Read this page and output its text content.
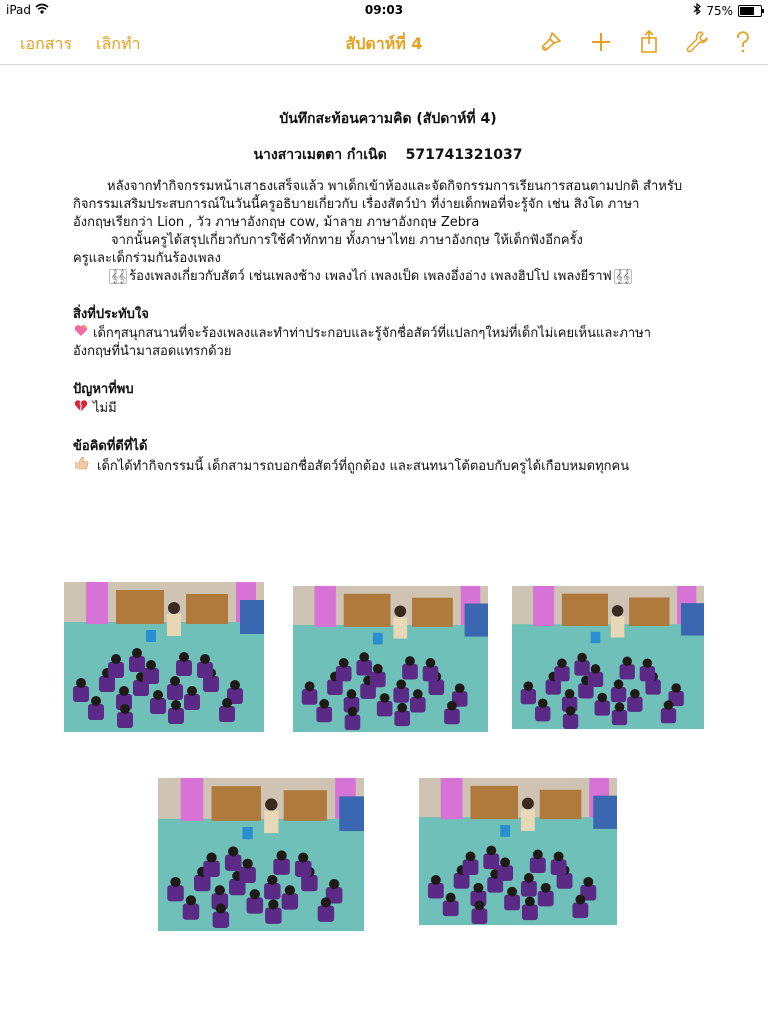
iPad	09:03	75%
เอกสาร เลิกทำ	สัปดาห์ที่ 4
บันทึกสะท้อนความคิด (สัปดาห์ที่ 4)
นางสาวเมตตา กำเนิด 571741321037

หลังจากทำกิจกรรมหน้าเสาธงเสร็จแล้ว พาเด็กเข้าห้องและจัดกิจกรรมการเรียนการสอนตามปกติ สำหรับ

กิจกรรมเสริมประสบการณ์ในวันนี้ครูอธิบายเกี่ยวกับ เรื่องสัตว์ป่า ที่ง่ายเด็กพอที่จะรู้จัก เช่น สิงโต ภาษา

อังกฤษเรียกว่า Lion , วัว ภาษาอังกฤษ cow, ม้าลาย ภาษาอังกฤษ Zebra

จากนั้นครูได้สรุปเกี่ยวกับการใช้คำทักทาย ทั้งภาษาไทย ภาษาอังกฤษ ให้เด็กฟังอีกครั้ง

ครูและเด็กร่วมกันร้องเพลง

𝄞𝄞 ร้องเพลงเกี่ยวกับสัตว์ เช่นเพลงช้าง เพลงไก่ เพลงเป็ด เพลงอึ่งอ่าง เพลงฮิปโป เพลงยีราฟ 𝄞𝄞

สิ่งที่ประทับใจ

เด็กๆสนุกสนานที่จะร้องเพลงและทำท่าประกอบและรู้จักชื่อสัตว์ที่แปลกๆใหม่ที่เด็กไม่เคยเห็นและภาษา

อังกฤษที่นำมาสอดแทรกด้วย

ปัญหาที่พบ

ไม่มี

ข้อคิดที่ดีที่ได้

เด็กได้ทำกิจกรรมนี้ เด็กสามารถบอกชื่อสัตว์ที่ถูกต้อง และสนทนาโต้ตอบกับครูได้เกือบหมดทุกคน
